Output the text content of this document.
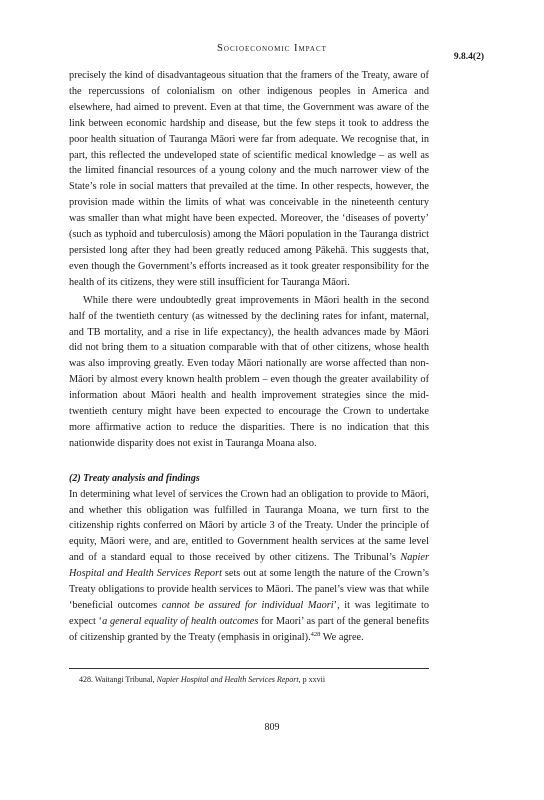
Socioeconomic Impact
9.8.4(2)

precisely the kind of disadvantageous situation that the framers of the Treaty, aware of the repercussions of colonialism on other indigenous peoples in America and elsewhere, had aimed to prevent. Even at that time, the Government was aware of the link between economic hardship and disease, but the few steps it took to address the poor health situation of Tauranga Māori were far from adequate. We recognise that, in part, this reflected the undeveloped state of scientific medical knowledge – as well as the limited financial resources of a young colony and the much narrower view of the State’s role in social matters that prevailed at the time. In other respects, however, the provision made within the limits of what was conceivable in the nineteenth century was smaller than what might have been expected. Moreover, the ‘diseases of poverty’ (such as typhoid and tuberculosis) among the Māori population in the Tauranga district persisted long after they had been greatly reduced among Pākehā. This suggests that, even though the Government’s efforts increased as it took greater responsibility for the health of its citizens, they were still insufficient for Tauranga Māori.

While there were undoubtedly great improvements in Māori health in the second half of the twentieth century (as witnessed by the declining rates for infant, maternal, and TB mortality, and a rise in life expectancy), the health advances made by Māori did not bring them to a situation comparable with that of other citizens, whose health was also improving greatly. Even today Māori nationally are worse affected than non-Māori by almost every known health problem – even though the greater availability of information about Māori health and health improvement strategies since the mid-twentieth century might have been expected to encourage the Crown to undertake more affirmative action to reduce the disparities. There is no indication that this nationwide disparity does not exist in Tauranga Moana also.

(2) Treaty analysis and findings

In determining what level of services the Crown had an obligation to provide to Māori, and whether this obligation was fulfilled in Tauranga Moana, we turn first to the citizenship rights conferred on Māori by article 3 of the Treaty. Under the principle of equity, Māori were, and are, entitled to Government health services at the same level and of a standard equal to those received by other citizens. The Tribunal’s Napier Hospital and Health Services Report sets out at some length the nature of the Crown’s Treaty obligations to provide health services to Māori. The panel’s view was that while ‘beneficial outcomes cannot be assured for individual Maori’, it was legitimate to expect ‘a general equality of health outcomes for Maori’ as part of the general benefits of citizenship granted by the Treaty (emphasis in original).$^{428}$ We agree.

428. Waitangi Tribunal, Napier Hospital and Health Services Report, p xxvii
809
